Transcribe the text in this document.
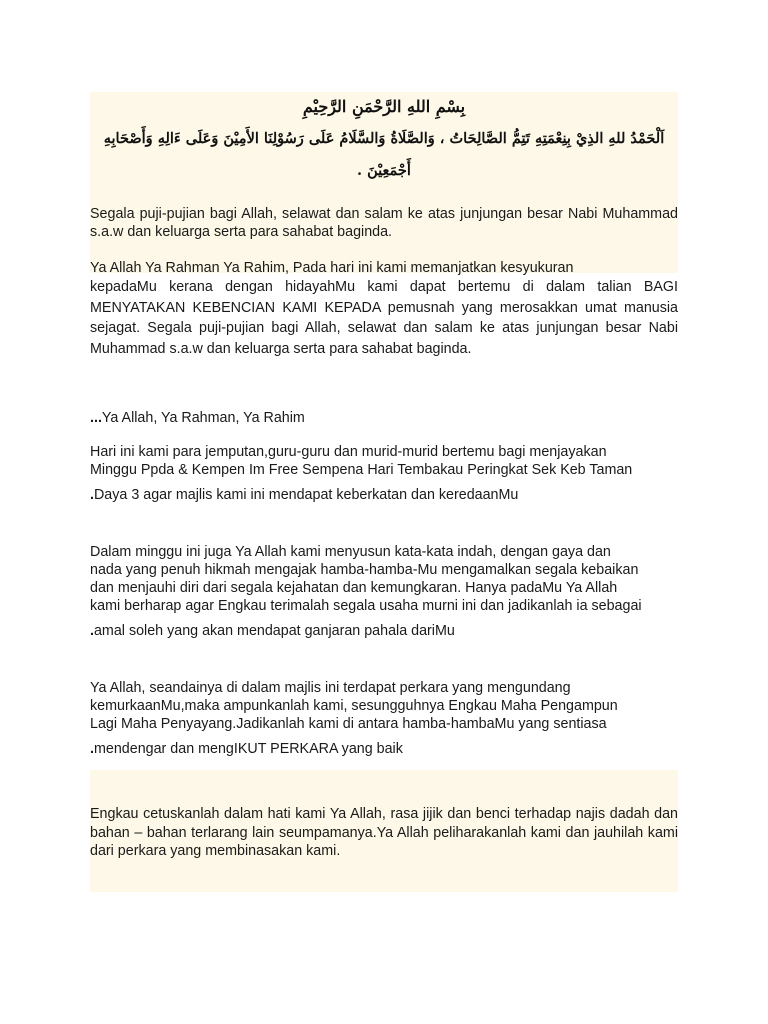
بِسْمِ اللهِ الرَّحْمَنِ الرَّحِيْمِ

اَلْحَمْدُ للهِ الذِيْ بِنِعْمَتِهِ تَتِمُّ الصَّالِحَاتُ ، وَالصَّلَاةُ وَالسَّلَامُ عَلَى رَسُوْلِنَا الأَمِيْنَ وَعَلَى ءَالِهِ وَأَصْحَابِهِ

أَجْمَعِيْنَ .

Segala puji-pujian bagi Allah, selawat dan salam ke atas junjungan besar Nabi Muhammad s.a.w dan keluarga serta para sahabat baginda.

Ya Allah Ya Rahman Ya Rahim, Pada hari ini kami memanjatkan kesyukuran

kepadaMu kerana dengan hidayahMu kami dapat bertemu di dalam talian BAGI MENYATAKAN KEBENCIAN KAMI KEPADA pemusnah yang merosakkan umat manusia sejagat. Segala puji-pujian bagi Allah, selawat dan salam ke atas junjungan besar Nabi Muhammad s.a.w dan keluarga serta para sahabat baginda.

...Ya Allah, Ya Rahman, Ya Rahim

Hari ini kami para jemputan,guru-guru dan murid-murid bertemu bagi menjayakan

Minggu Ppda & Kempen Im Free Sempena Hari Tembakau Peringkat Sek Keb Taman

. Daya 3 agar majlis kami ini mendapat keberkatan dan keredaanMu

Dalam minggu ini juga Ya Allah kami menyusun kata-kata indah, dengan gaya dan

nada yang penuh hikmah mengajak hamba-hamba-Mu mengamalkan segala kebaikan

dan menjauhi diri dari segala kejahatan dan kemungkaran. Hanya padaMu Ya Allah

kami berharap agar Engkau terimalah segala usaha murni ini dan jadikanlah ia sebagai

. amal soleh yang akan mendapat ganjaran pahala dariMu

Ya Allah, seandainya di dalam majlis ini terdapat perkara yang mengundang

kemurkaanMu,maka ampunkanlah kami, sesungguhnya Engkau Maha Pengampun

Lagi Maha Penyayang.Jadikanlah kami di antara hamba-hambaMu yang sentiasa

. mendengar dan mengIKUT PERKARA yang baik

Engkau cetuskanlah dalam hati kami Ya Allah, rasa jijik dan benci terhadap najis dadah dan bahan – bahan terlarang lain seumpamanya.Ya Allah peliharakanlah kami dan jauhilah kami dari perkara yang membinasakan kami.
